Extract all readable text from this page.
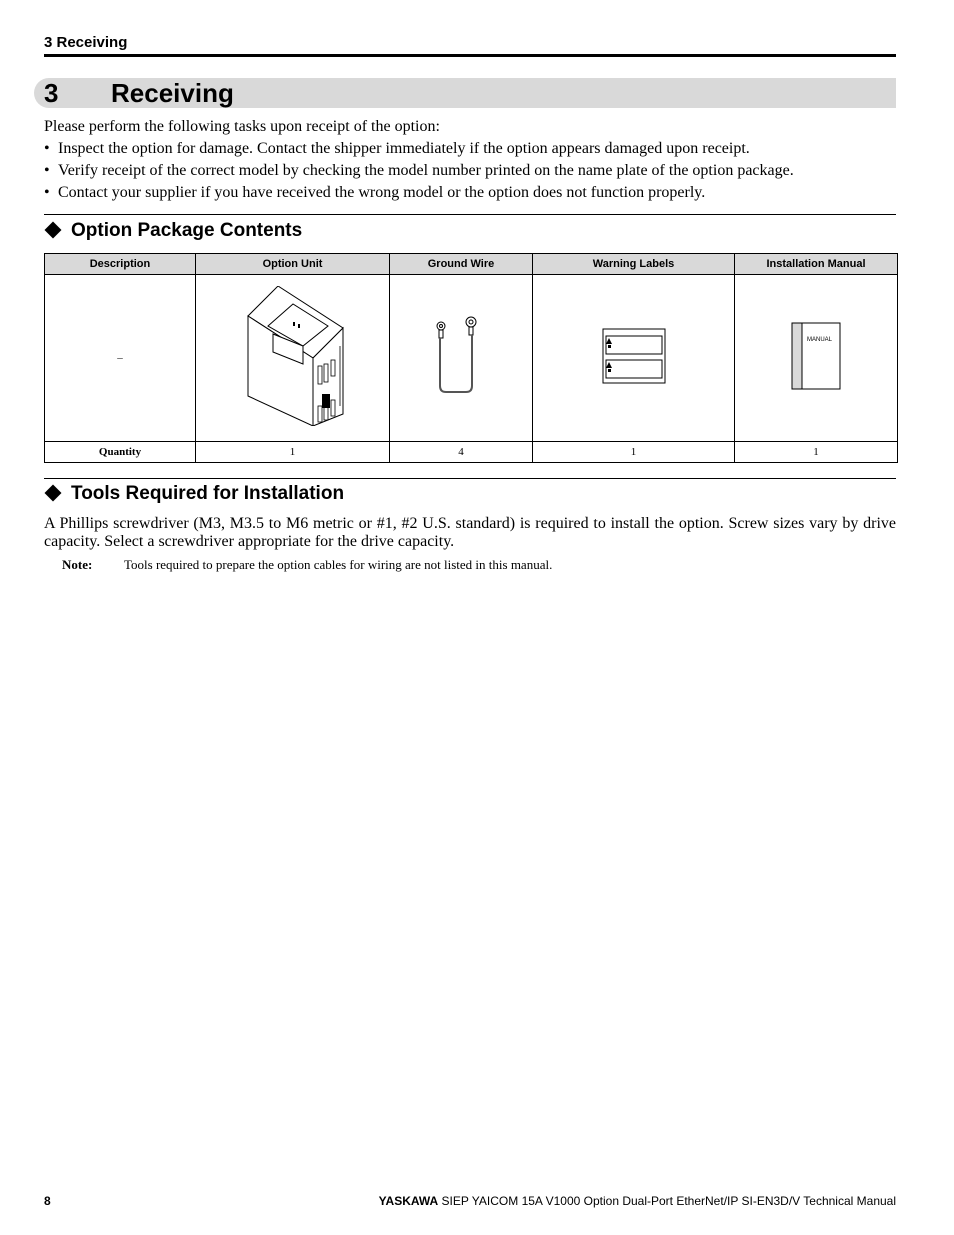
3 Receiving
3 Receiving
Please perform the following tasks upon receipt of the option:
• Inspect the option for damage. Contact the shipper immediately if the option appears damaged upon receipt.
• Verify receipt of the correct model by checking the model number printed on the name plate of the option package.
• Contact your supplier if you have received the wrong model or the option does not function properly.
Option Package Contents
Description	Option Unit	Ground Wire	Warning Labels	Installation Manual
–				MANUAL

Quantity	1	4	1	1
Tools Required for Installation
A Phillips screwdriver (M3, M3.5 to M6 metric or #1, #2 U.S. standard) is required to install the option. Screw sizes vary by drive capacity. Select a screwdriver appropriate for the drive capacity.
Note: Tools required to prepare the option cables for wiring are not listed in this manual.
8	YASKAWA SIEP YAICOM 15A V1000 Option Dual-Port EtherNet/IP SI-EN3D/V Technical Manual
